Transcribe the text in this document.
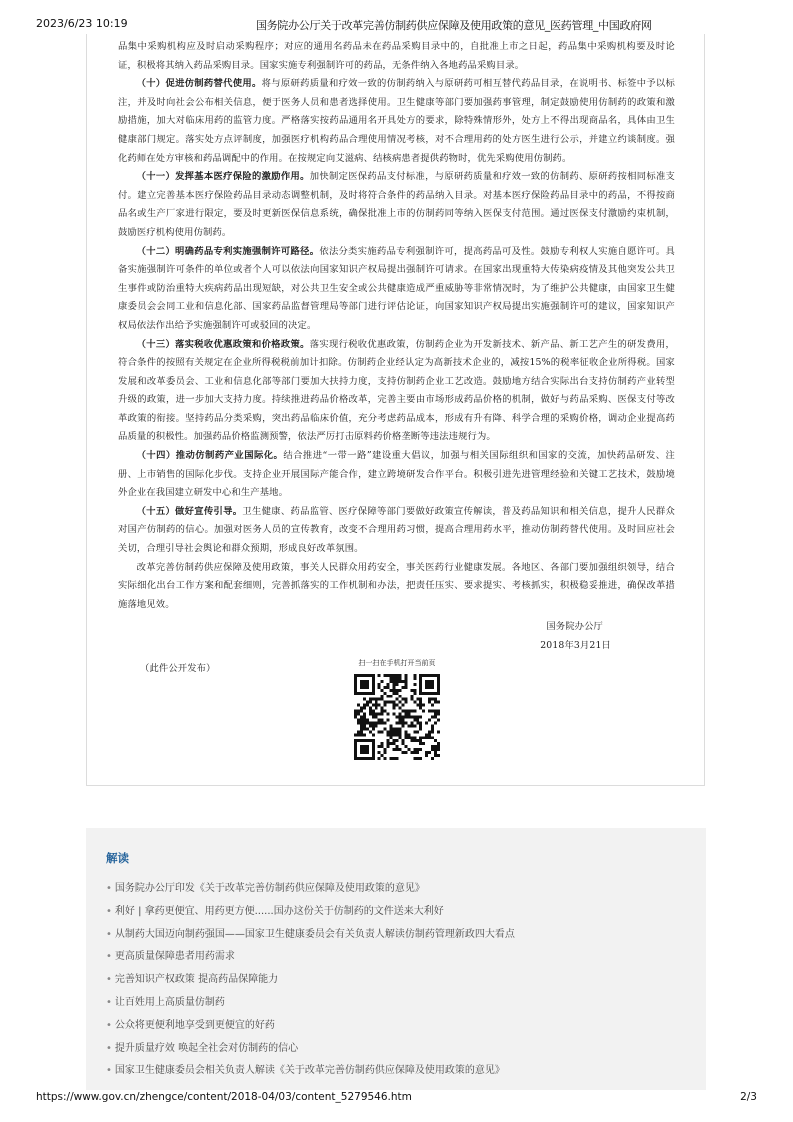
2023/6/23 10:19	国务院办公厅关于改革完善仿制药供应保障及使用政策的意见_医药管理_中国政府网

品集中采购机构应及时启动采购程序；对应的通用名药品未在药品采购目录中的，自批准上市之日起，药品集中采购机构要及时论证，积极将其纳入药品采购目录。国家实施专利强制许可的药品，无条件纳入各地药品采购目录。

（十）促进仿制药替代使用。将与原研药质量和疗效一致的仿制药纳入与原研药可相互替代药品目录，在说明书、标签中予以标注，并及时向社会公布相关信息，便于医务人员和患者选择使用。卫生健康等部门要加强药事管理，制定鼓励使用仿制药的政策和激励措施，加大对临床用药的监管力度。严格落实按药品通用名开具处方的要求，除特殊情形外，处方上不得出现商品名，具体由卫生健康部门规定。落实处方点评制度，加强医疗机构药品合理使用情况考核，对不合理用药的处方医生进行公示，并建立约谈制度。强化药师在处方审核和药品调配中的作用。在按规定向艾滋病、结核病患者提供药物时，优先采购使用仿制药。

（十一）发挥基本医疗保险的激励作用。加快制定医保药品支付标准，与原研药质量和疗效一致的仿制药、原研药按相同标准支付。建立完善基本医疗保险药品目录动态调整机制，及时将符合条件的药品纳入目录。对基本医疗保险药品目录中的药品，不得按商品名或生产厂家进行限定，要及时更新医保信息系统，确保批准上市的仿制药同等纳入医保支付范围。通过医保支付激励约束机制，鼓励医疗机构使用仿制药。

（十二）明确药品专利实施强制许可路径。依法分类实施药品专利强制许可，提高药品可及性。鼓励专利权人实施自愿许可。具备实施强制许可条件的单位或者个人可以依法向国家知识产权局提出强制许可请求。在国家出现重特大传染病疫情及其他突发公共卫生事件或防治重特大疾病药品出现短缺，对公共卫生安全或公共健康造成严重威胁等非常情况时，为了维护公共健康，由国家卫生健康委员会会同工业和信息化部、国家药品监督管理局等部门进行评估论证，向国家知识产权局提出实施强制许可的建议，国家知识产权局依法作出给予实施强制许可或驳回的决定。

（十三）落实税收优惠政策和价格政策。落实现行税收优惠政策，仿制药企业为开发新技术、新产品、新工艺产生的研发费用，符合条件的按照有关规定在企业所得税税前加计扣除。仿制药企业经认定为高新技术企业的，减按15%的税率征收企业所得税。国家发展和改革委员会、工业和信息化部等部门要加大扶持力度，支持仿制药企业工艺改造。鼓励地方结合实际出台支持仿制药产业转型升级的政策，进一步加大支持力度。持续推进药品价格改革，完善主要由市场形成药品价格的机制，做好与药品采购、医保支付等改革政策的衔接。坚持药品分类采购，突出药品临床价值，充分考虑药品成本，形成有升有降、科学合理的采购价格，调动企业提高药品质量的积极性。加强药品价格监测预警，依法严厉打击原料药价格垄断等违法违规行为。

（十四）推动仿制药产业国际化。结合推进“一带一路”建设重大倡议，加强与相关国际组织和国家的交流，加快药品研发、注册、上市销售的国际化步伐。支持企业开展国际产能合作，建立跨境研发合作平台。积极引进先进管理经验和关键工艺技术，鼓励境外企业在我国建立研发中心和生产基地。

（十五）做好宣传引导。卫生健康、药品监管、医疗保障等部门要做好政策宣传解读，普及药品知识和相关信息，提升人民群众对国产仿制药的信心。加强对医务人员的宣传教育，改变不合理用药习惯，提高合理用药水平，推动仿制药替代使用。及时回应社会关切，合理引导社会舆论和群众预期，形成良好改革氛围。

改革完善仿制药供应保障及使用政策，事关人民群众用药安全，事关医药行业健康发展。各地区、各部门要加强组织领导，结合实际细化出台工作方案和配套细则，完善抓落实的工作机制和办法，把责任压实、要求提实、考核抓实，积极稳妥推进，确保改革措施落地见效。

国务院办公厅

2018年3月21日

（此件公开发布）	扫一扫在手机打开当前页
解读
• 国务院办公厅印发《关于改革完善仿制药供应保障及使用政策的意见》
• 利好 | 拿药更便宜、用药更方便......国办这份关于仿制药的文件送来大利好
• 从制药大国迈向制药强国——国家卫生健康委员会有关负责人解读仿制药管理新政四大看点
• 更高质量保障患者用药需求
• 完善知识产权政策 提高药品保障能力
• 让百姓用上高质量仿制药
• 公众将更便利地享受到更便宜的好药
• 提升质量疗效 唤起全社会对仿制药的信心
• 国家卫生健康委员会相关负责人解读《关于改革完善仿制药供应保障及使用政策的意见》
https://www.gov.cn/zhengce/content/2018-04/03/content_5279546.htm	2/3
